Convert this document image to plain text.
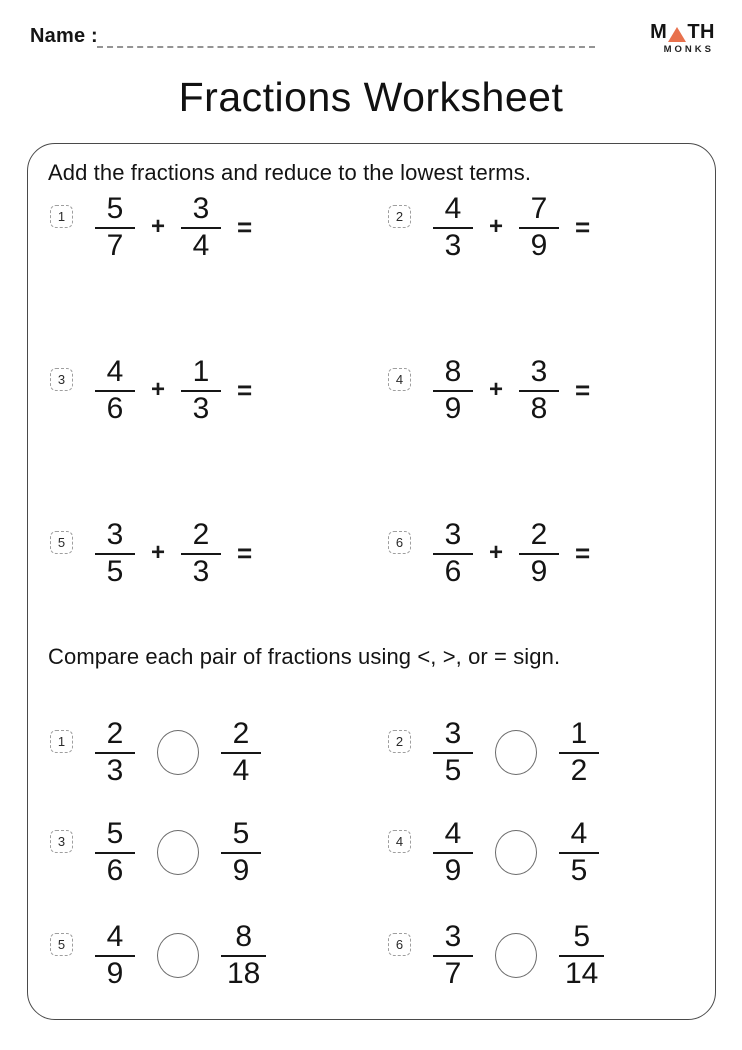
Name :	M TH
MONKS
Fractions Worksheet
Add the fractions and reduce to the lowest terms.
$1 \frac{5}{7} + \frac{3}{4}$ =	$2 \frac{4}{3} + \frac{7}{9}$ =
$3 \frac{4}{6} + \frac{1}{3}$ =	$4 \frac{8}{9} + \frac{3}{8}$ =
$5 \frac{3}{5} + \frac{2}{3}$ =	$6 \frac{3}{6} + \frac{2}{9}$ =
Compare each pair of fractions using <, >, or = sign.
$1 \frac{2}{3}$	$\frac{2}{4}$	$2 \frac{3}{5}$	$\frac{1}{2}$
$3 \frac{5}{6}$	$\frac{5}{9}$	$4 \frac{4}{9}$	$\frac{4}{5}$
$5 \frac{4}{9}$	$\frac{8}{18}$	$6 \frac{3}{7}$	$\frac{5}{14}$
